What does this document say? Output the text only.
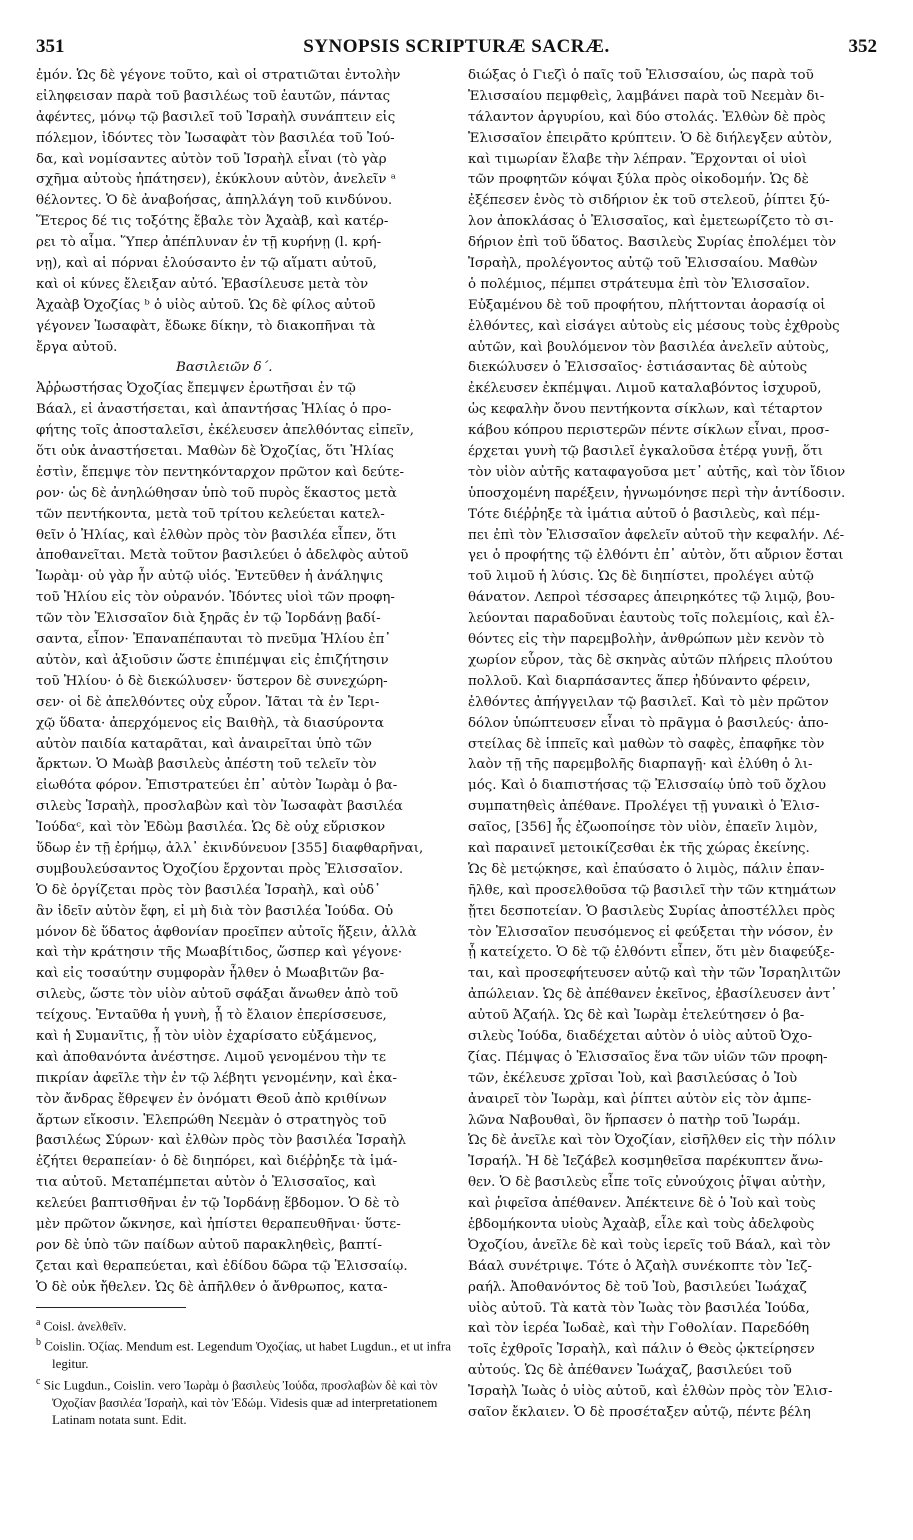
351	SYNOPSIS SCRIPTURÆ SACRÆ.	352
ἐμόν. Ὡς δὲ γέγονε τοῦτο, καὶ οἱ στρατιῶται ἐντολὴν
εἰληφεισαν παρὰ τοῦ βασιλέως τοῦ ἑαυτῶν, πάντας
ἀφέντες, μόνῳ τῷ βασιλεῖ τοῦ Ἰσραὴλ συνάπτειν εἰς
πόλεμον, ἰδόντες τὸν Ἰωσαφὰτ τὸν βασιλέα τοῦ Ἰού-
δα, καὶ νομίσαντες αὐτὸν τοῦ Ἰσραὴλ εἶναι (τὸ γὰρ
σχῆμα αὐτοὺς ἠπάτησεν), ἐκύκλουν αὐτὸν, ἀνελεῖν ᵃ
θέλοντες. Ὁ δὲ ἀναβοήσας, ἀπηλλάγη τοῦ κινδύνου.
Ἕτερος δέ τις τοξότης ἔβαλε τὸν Ἀχαὰβ, καὶ κατέρ-
ρει τὸ αἷμα. Ὕπερ ἀπέπλυναν ἐν τῇ κυρήνῃ (l. κρή-
νῃ), καὶ αἱ πόρναι ἐλούσαντο ἐν τῷ αἵματι αὐτοῦ,
καὶ οἱ κύνες ἔλειξαν αὐτό. Ἐβασίλευσε μετὰ τὸν
Ἀχαὰβ Ὀχοζίας ᵇ ὁ υἱὸς αὐτοῦ. Ὡς δὲ φίλος αὐτοῦ
γέγονεν Ἰωσαφὰτ, ἔδωκε δίκην, τὸ διακοπῆναι τὰ
ἔργα αὐτοῦ.
Βασιλειῶν δ΄.
Ἀῤῥωστήσας Ὀχοζίας ἔπεμψεν ἐρωτῆσαι ἐν τῷ
Βάαλ, εἰ ἀναστήσεται, καὶ ἀπαντήσας Ἠλίας ὁ προ-
φήτης τοῖς ἀποσταλεῖσι, ἐκέλευσεν ἀπελθόντας εἰπεῖν,
ὅτι οὐκ ἀναστήσεται. Μαθὼν δὲ Ὀχοζίας, ὅτι Ἠλίας
ἐστὶν, ἔπεμψε τὸν πεντηκόνταρχον πρῶτον καὶ δεύτε-
ρον· ὡς δὲ ἀνηλώθησαν ὑπὸ τοῦ πυρὸς ἕκαστος μετὰ
τῶν πεντήκοντα, μετὰ τοῦ τρίτου κελεύεται κατελ-
θεῖν ὁ Ἠλίας, καὶ ἐλθὼν πρὸς τὸν βασιλέα εἶπεν, ὅτι
ἀποθανεῖται. Μετὰ τοῦτον βασιλεύει ὁ ἀδελφὸς αὐτοῦ
Ἰωρὰμ· οὐ γὰρ ἦν αὐτῷ υἱός. Ἐντεῦθεν ἡ ἀνάληψις
τοῦ Ἠλίου εἰς τὸν οὐρανόν. Ἰδόντες υἱοὶ τῶν προφη-
τῶν τὸν Ἐλισσαῖον διὰ ξηρᾶς ἐν τῷ Ἰορδάνῃ βαδί-
σαντα, εἶπον· Ἐπαναπέπαυται τὸ πνεῦμα Ἠλίου ἐπ᾽
αὐτὸν, καὶ ἀξιοῦσιν ὥστε ἐπιπέμψαι εἰς ἐπιζήτησιν
τοῦ Ἠλίου· ὁ δὲ διεκώλυσεν· ὕστερον δὲ συνεχώρη-
σεν· οἱ δὲ ἀπελθόντες οὐχ εὗρον. Ἰᾶται τὰ ἐν Ἱερι-
χῷ ὕδατα· ἀπερχόμενος εἰς Βαιθὴλ, τὰ διασύροντα
αὐτὸν παιδία καταρᾶται, καὶ ἀναιρεῖται ὑπὸ τῶν
ἄρκτων. Ὁ Μωὰβ βασιλεὺς ἀπέστη τοῦ τελεῖν τὸν
εἰωθότα φόρον. Ἐπιστρατεύει ἐπ᾽ αὐτὸν Ἰωρὰμ ὁ βα-
σιλεὺς Ἰσραὴλ, προσλαβὼν καὶ τὸν Ἰωσαφὰτ βασιλέα
Ἰούδαᶜ, καὶ τὸν Ἐδὼμ βασιλέα. Ὡς δὲ οὐχ εὕρισκον
ὕδωρ ἐν τῇ ἐρήμῳ, ἀλλ᾽ ἐκινδύνευον [355] διαφθαρῆναι,
συμβουλεύσαντος Ὀχοζίου ἔρχονται πρὸς Ἐλισσαῖον.
Ὁ δὲ ὀργίζεται πρὸς τὸν βασιλέα Ἰσραὴλ, καὶ οὐδ᾽
ἂν ἰδεῖν αὐτὸν ἔφη, εἰ μὴ διὰ τὸν βασιλέα Ἰούδα. Οὐ
μόνον δὲ ὕδατος ἀφθονίαν προεῖπεν αὐτοῖς ἥξειν, ἀλλὰ
καὶ τὴν κράτησιν τῆς Μωαβίτιδος, ὥσπερ καὶ γέγονε·
καὶ εἰς τοσαύτην συμφορὰν ἦλθεν ὁ Μωαβιτῶν βα-
σιλεὺς, ὥστε τὸν υἱὸν αὐτοῦ σφάξαι ἄνωθεν ἀπὸ τοῦ
τείχους. Ἐνταῦθα ἡ γυνὴ, ᾗ τὸ ἔλαιον ἐπερίσσευσε,
καὶ ἡ Συμανῖτις, ᾗ τὸν υἱὸν ἐχαρίσατο εὐξάμενος,
καὶ ἀποθανόντα ἀνέστησε. Λιμοῦ γενομένου τὴν τε
πικρίαν ἀφεῖλε τὴν ἐν τῷ λέβητι γενομένην, καὶ ἑκα-
τὸν ἄνδρας ἔθρεψεν ἐν ὀνόματι Θεοῦ ἀπὸ κριθίνων
ἄρτων εἴκοσιν. Ἐλεπρώθη Νεεμὰν ὁ στρατηγὸς τοῦ
βασιλέως Σύρων· καὶ ἐλθὼν πρὸς τὸν βασιλέα Ἰσραὴλ
ἐζήτει θεραπείαν· ὁ δὲ διηπόρει, καὶ διέῤῥηξε τὰ ἱμά-
τια αὐτοῦ. Μεταπέμπεται αὐτὸν ὁ Ἐλισσαῖος, καὶ
κελεύει βαπτισθῆναι ἐν τῷ Ἰορδάνῃ ἕβδομον. Ὁ δὲ τὸ
μὲν πρῶτον ὤκνησε, καὶ ἠπίστει θεραπευθῆναι· ὕστε-
ρον δὲ ὑπὸ τῶν παίδων αὐτοῦ παρακληθεὶς, βαπτί-
ζεται καὶ θεραπεύεται, καὶ ἐδίδου δῶρα τῷ Ἐλισσαίῳ.
Ὁ δὲ οὐκ ἤθελεν. Ὡς δὲ ἀπῆλθεν ὁ ἄνθρωπος, κατα-
$^a$ Coisl. ἀνελθεῖν.
$^b$ Coislin. Ὀζίας. Mendum est. Legendum Ὀχοζίας, ut habet Lugdun., et ut infra legitur.
$^c$ Sic Lugdun., Coislin. vero Ἰωρὰμ ὁ βασιλεὺς Ἰούδα, προσλαβὼν δὲ καὶ τὸν Ὀχοζίαν βασιλέα Ἰσραὴλ, καὶ τὸν Ἐδώμ. Videsis quæ ad interpretationem Latinam notata sunt. Edit.
διώξας ὁ Γιεζὶ ὁ παῖς τοῦ Ἐλισσαίου, ὡς παρὰ τοῦ
Ἐλισσαίου πεμφθεὶς, λαμβάνει παρὰ τοῦ Νεεμὰν δι-
τάλαντον ἀργυρίου, καὶ δύο στολάς. Ἐλθὼν δὲ πρὸς
Ἐλισσαῖον ἐπειρᾶτο κρύπτειν. Ὁ δὲ διήλεγξεν αὐτὸν,
καὶ τιμωρίαν ἔλαβε τὴν λέπραν. Ἔρχονται οἱ υἱοὶ
τῶν προφητῶν κόψαι ξύλα πρὸς οἰκοδομήν. Ὡς δὲ
ἐξέπεσεν ἑνὸς τὸ σιδήριον ἐκ τοῦ στελεοῦ, ῥίπτει ξύ-
λον ἀποκλάσας ὁ Ἐλισσαῖος, καὶ ἐμετεωρίζετο τὸ σι-
δήριον ἐπὶ τοῦ ὕδατος. Βασιλεὺς Συρίας ἐπολέμει τὸν
Ἰσραὴλ, προλέγοντος αὐτῷ τοῦ Ἐλισσαίου. Μαθὼν
ὁ πολέμιος, πέμπει στράτευμα ἐπὶ τὸν Ἐλισσαῖον.
Εὐξαμένου δὲ τοῦ προφήτου, πλήττονται ἀορασίᾳ οἱ
ἐλθόντες, καὶ εἰσάγει αὐτοὺς εἰς μέσους τοὺς ἐχθροὺς
αὐτῶν, καὶ βουλόμενον τὸν βασιλέα ἀνελεῖν αὐτοὺς,
διεκώλυσεν ὁ Ἐλισσαῖος· ἑστιάσαντας δὲ αὐτοὺς
ἐκέλευσεν ἐκπέμψαι. Λιμοῦ καταλαβόντος ἰσχυροῦ,
ὡς κεφαλὴν ὄνου πεντήκοντα σίκλων, καὶ τέταρτον
κάβου κόπρου περιστερῶν πέντε σίκλων εἶναι, προσ-
έρχεται γυνὴ τῷ βασιλεῖ ἐγκαλοῦσα ἑτέρᾳ γυνῇ, ὅτι
τὸν υἱὸν αὐτῆς καταφαγοῦσα μετ᾽ αὐτῆς, καὶ τὸν ἴδιον
ὑποσχομένη παρέξειν, ἠγνωμόνησε περὶ τὴν ἀντίδοσιν.
Τότε διέῤῥηξε τὰ ἱμάτια αὐτοῦ ὁ βασιλεὺς, καὶ πέμ-
πει ἐπὶ τὸν Ἐλισσαῖον ἀφελεῖν αὐτοῦ τὴν κεφαλήν. Λέ-
γει ὁ προφήτης τῷ ἐλθόντι ἐπ᾽ αὐτὸν, ὅτι αὔριον ἔσται
τοῦ λιμοῦ ἡ λύσις. Ὡς δὲ διηπίστει, προλέγει αὐτῷ
θάνατον. Λεπροὶ τέσσαρες ἀπειρηκότες τῷ λιμῷ, βου-
λεύονται παραδοῦναι ἑαυτοὺς τοῖς πολεμίοις, καὶ ἐλ-
θόντες εἰς τὴν παρεμβολὴν, ἀνθρώπων μὲν κενὸν τὸ
χωρίον εὗρον, τὰς δὲ σκηνὰς αὐτῶν πλήρεις πλούτου
πολλοῦ. Καὶ διαρπάσαντες ἅπερ ἠδύναντο φέρειν,
ἐλθόντες ἀπήγγειλαν τῷ βασιλεῖ. Καὶ τὸ μὲν πρῶτον
δόλον ὑπώπτευσεν εἶναι τὸ πρᾶγμα ὁ βασιλεύς· ἀπο-
στείλας δὲ ἱππεῖς καὶ μαθὼν τὸ σαφὲς, ἐπαφῆκε τὸν
λαὸν τῇ τῆς παρεμβολῆς διαρπαγῇ· καὶ ἐλύθη ὁ λι-
μός. Καὶ ὁ διαπιστήσας τῷ Ἐλισσαίῳ ὑπὸ τοῦ ὄχλου
συμπατηθεὶς ἀπέθανε. Προλέγει τῇ γυναικὶ ὁ Ἐλισ-
σαῖος, [356] ἧς ἐζωοποίησε τὸν υἱὸν, ἐπαεῖν λιμὸν,
καὶ παραινεῖ μετοικίζεσθαι ἐκ τῆς χώρας ἐκείνης.
Ὡς δὲ μετῴκησε, καὶ ἐπαύσατο ὁ λιμὸς, πάλιν ἐπαν-
ῆλθε, καὶ προσελθοῦσα τῷ βασιλεῖ τὴν τῶν κτημάτων
ᾔτει δεσποτείαν. Ὁ βασιλεὺς Συρίας ἀποστέλλει πρὸς
τὸν Ἐλισσαῖον πευσόμενος εἰ φεύξεται τὴν νόσον, ἐν
ᾗ κατείχετο. Ὁ δὲ τῷ ἐλθόντι εἶπεν, ὅτι μὲν διαφεύξε-
ται, καὶ προσεφήτευσεν αὐτῷ καὶ τὴν τῶν Ἰσραηλιτῶν
ἀπώλειαν. Ὡς δὲ ἀπέθανεν ἐκεῖνος, ἐβασίλευσεν ἀντ᾽
αὐτοῦ Ἀζαήλ. Ὡς δὲ καὶ Ἰωρὰμ ἐτελεύτησεν ὁ βα-
σιλεὺς Ἰούδα, διαδέχεται αὐτὸν ὁ υἱὸς αὐτοῦ Ὀχο-
ζίας. Πέμψας ὁ Ἐλισσαῖος ἕνα τῶν υἱῶν τῶν προφη-
τῶν, ἐκέλευσε χρῖσαι Ἰοὺ, καὶ βασιλεύσας ὁ Ἰοὺ
ἀναιρεῖ τὸν Ἰωρὰμ, καὶ ῥίπτει αὐτὸν εἰς τὸν ἀμπε-
λῶνα Ναβουθαὶ, ὃν ἥρπασεν ὁ πατὴρ τοῦ Ἰωράμ.
Ὡς δὲ ἀνεῖλε καὶ τὸν Ὀχοζίαν, εἰσῆλθεν εἰς τὴν πόλιν
Ἰσραήλ. Ἡ δὲ Ἰεζάβελ κοσμηθεῖσα παρέκυπτεν ἄνω-
θεν. Ὁ δὲ βασιλεὺς εἶπε τοῖς εὐνούχοις ῥῖψαι αὐτὴν,
καὶ ῥιφεῖσα ἀπέθανεν. Ἀπέκτεινε δὲ ὁ Ἰοὺ καὶ τοὺς
ἑβδομήκοντα υἱοὺς Ἀχαὰβ, εἷλε καὶ τοὺς ἀδελφοὺς
Ὀχοζίου, ἀνεῖλε δὲ καὶ τοὺς ἱερεῖς τοῦ Βάαλ, καὶ τὸν
Βάαλ συνέτριψε. Τότε ὁ Ἀζαὴλ συνέκοπτε τὸν Ἰεζ-
ραήλ. Ἀποθανόντος δὲ τοῦ Ἰοὺ, βασιλεύει Ἰωάχαζ
υἱὸς αὐτοῦ. Τὰ κατὰ τὸν Ἰωὰς τὸν βασιλέα Ἰούδα,
καὶ τὸν ἱερέα Ἰωδαὲ, καὶ τὴν Γοθολίαν. Παρεδόθη
τοῖς ἐχθροῖς Ἰσραὴλ, καὶ πάλιν ὁ Θεὸς ᾠκτείρησεν
αὐτούς. Ὡς δὲ ἀπέθανεν Ἰωάχαζ, βασιλεύει τοῦ
Ἰσραὴλ Ἰωὰς ὁ υἱὸς αὐτοῦ, καὶ ἐλθὼν πρὸς τὸν Ἐλισ-
σαῖον ἔκλαιεν. Ὁ δὲ προσέταξεν αὐτῷ, πέντε βέλη
